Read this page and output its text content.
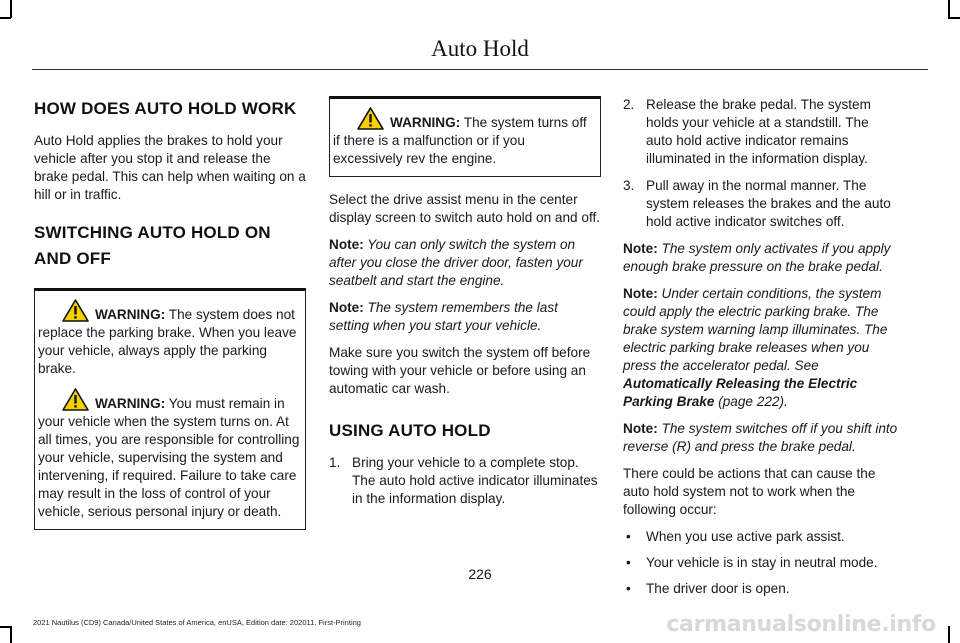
Auto Hold
HOW DOES AUTO HOLD WORK

Auto Hold applies the brakes to hold your vehicle after you stop it and release the brake pedal. This can help when waiting on a hill or in traffic.

SWITCHING AUTO HOLD ON AND OFF
WARNING: The system does not replace the parking brake. When you leave your vehicle, always apply the parking brake.
WARNING: You must remain in your vehicle when the system turns on. At all times, you are responsible for controlling your vehicle, supervising the system and intervening, if required. Failure to take care may result in the loss of control of your vehicle, serious personal injury or death.
WARNING: The system turns off if there is a malfunction or if you excessively rev the engine.

Select the drive assist menu in the center display screen to switch auto hold on and off.

Note: You can only switch the system on after you close the driver door, fasten your seatbelt and start the engine.

Note: The system remembers the last setting when you start your vehicle.

Make sure you switch the system off before towing with your vehicle or before using an automatic car wash.

USING AUTO HOLD
1. Bring your vehicle to a complete stop. The auto hold active indicator illuminates in the information display.
2. Release the brake pedal. The system holds your vehicle at a standstill. The auto hold active indicator remains illuminated in the information display.
3. Pull away in the normal manner. The system releases the brakes and the auto hold active indicator switches off.

Note: The system only activates if you apply enough brake pressure on the brake pedal.

Note: Under certain conditions, the system could apply the electric parking brake. The brake system warning lamp illuminates. The electric parking brake releases when you press the accelerator pedal. See Automatically Releasing the Electric Parking Brake (page 222).

Note: The system switches off if you shift into reverse (R) and press the brake pedal.

There could be actions that can cause the auto hold system not to work when the following occur:

• When you use active park assist.
• Your vehicle is in stay in neutral mode.
• The driver door is open.
226
2021 Nautilus (CD9) Canada/United States of America, enUSA, Edition date: 202011, First-Printing	carmanualsonline.info
